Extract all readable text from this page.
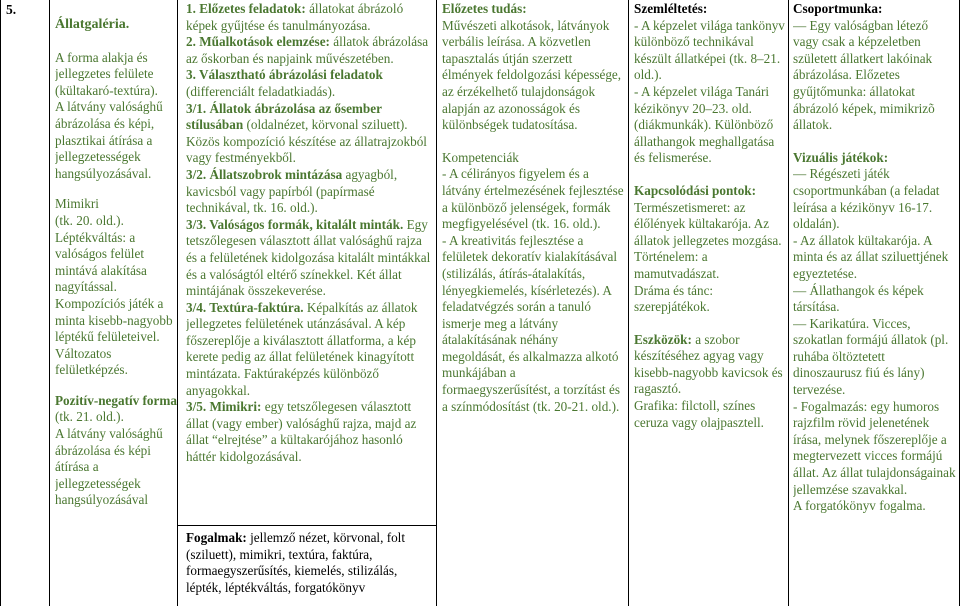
5.

Állatgaléria.

A forma alakja és jellegzetes felülete (kültakaró-textúra).

A látvány valósághű ábrázolása és képi, plasztikai átírása a jellegzetességek hangsúlyozásával.

Mimikri

(tk. 20. old.).

Léptékváltás: a valóságos felület mintává alakítása nagyítással.

Kompozíciós játék a minta kisebb-nagyobb léptékű felületeivel.

Változatos felületképzés.

Pozitív-negatív forma (tk. 21. old.).

A látvány valósághű ábrázolása és képi átírása a jellegzetességek hangsúlyozásával

1. Előzetes feladatok: állatokat ábrázoló képek gyűjtése és tanulmányozása.

2. Műalkotások elemzése: állatok ábrázolása az őskorban és napjaink művészetében.

3. Választható ábrázolási feladatok (differenciált feladatkiadás).

3/1. Állatok ábrázolása az ősember stílusában (oldalnézet, körvonal sziluett). Közös kompozíció készítése az állatrajzokból vagy festményekből.

3/2. Állatszobrok mintázása agyagból, kavicsból vagy papírból (papírmasé technikával, tk. 16. old.).

3/3. Valóságos formák, kitalált minták. Egy tetszőlegesen választott állat valósághű rajza és a felületének kidolgozása kitalált mintákkal és a valóságtól eltérő színekkel. Két állat mintájának összekeverése.

3/4. Textúra-faktúra. Képalkítás az állatok jellegzetes felületének utánzásával. A kép főszereplője a kiválasztott állatforma, a kép kerete pedig az állat felületének kinagyított mintázata. Faktúraképzés különböző anyagokkal.

3/5. Mimikri: egy tetszőlegesen választott állat (vagy ember) valósághű rajza, majd az állat “elrejtése” a kültakarójához hasonló háttér kidolgozásával.

Fogalmak: jellemző nézet, körvonal, folt (sziluett), mimikri, textúra, faktúra, formaegyszerűsítés, kiemelés, stilizálás, lépték, léptékváltás, forgatókönyv

Előzetes tudás:

Művészeti alkotások, látványok verbális leírása. A közvetlen tapasztalás útján szerzett élmények feldolgozási képessége, az érzékelhető tulajdonságok alapján az azonosságok és különbségek tudatosítása.

Kompetenciák

- A célirányos figyelem és a látvány értelmezésének fejlesztése a különböző jelenségek, formák megfigyelésével (tk. 16. old.).

- A kreativitás fejlesztése a felületek dekoratív kialakításával (stilizálás, átírás-átalakítás, lényegkiemelés, kísérletezés). A feladatvégzés során a tanuló ismerje meg a látvány átalakításának néhány megoldását, és alkalmazza alkotó munkájában a formaegyszerűsítést, a torzítást és a színmódosítást (tk. 20-21. old.).

Szemléltetés:

- A képzelet világa tankönyv különböző technikával készült állatképei (tk. 8–21. old.).

- A képzelet világa Tanári kézikönyv 20–23. old. (diákmunkák). Különböző állathangok meghallgatása és felismerése.

Kapcsolódási pontok:

Természetismeret: az élőlények kültakarója. Az állatok jellegzetes mozgása.

Történelem: a mamutvadászat.

Dráma és tánc: szerepjátékok.

Eszközök: a szobor készítéséhez agyag vagy kisebb-nagyobb kavicsok és ragasztó.

Grafika: filctoll, színes ceruza vagy olajpasztell.

Csoportmunka:

— Egy valóságban létező vagy csak a képzeletben született állatkert lakóinak ábrázolása. Előzetes gyűjtőmunka: állatokat ábrázoló képek, mimikrizõ állatok.

Vizuális játékok:

— Régészeti játék csoportmunkában (a feladat leírása a kézikönyv 16-17. oldalán).

- Az állatok kültakarója. A minta és az állat sziluettjének egyeztetése.

— Állathangok és képek társítása.

— Karikatúra. Vicces, szokatlan formájú állatok (pl. ruhába öltöztetett dinoszaurusz fiú és lány) tervezése.

- Fogalmazás: egy humoros rajzfilm rövid jelenetének írása, melynek főszereplője a megtervezett vicces formájú állat. Az állat tulajdonságainak jellemzése szavakkal.

A forgatókönyv fogalma.
